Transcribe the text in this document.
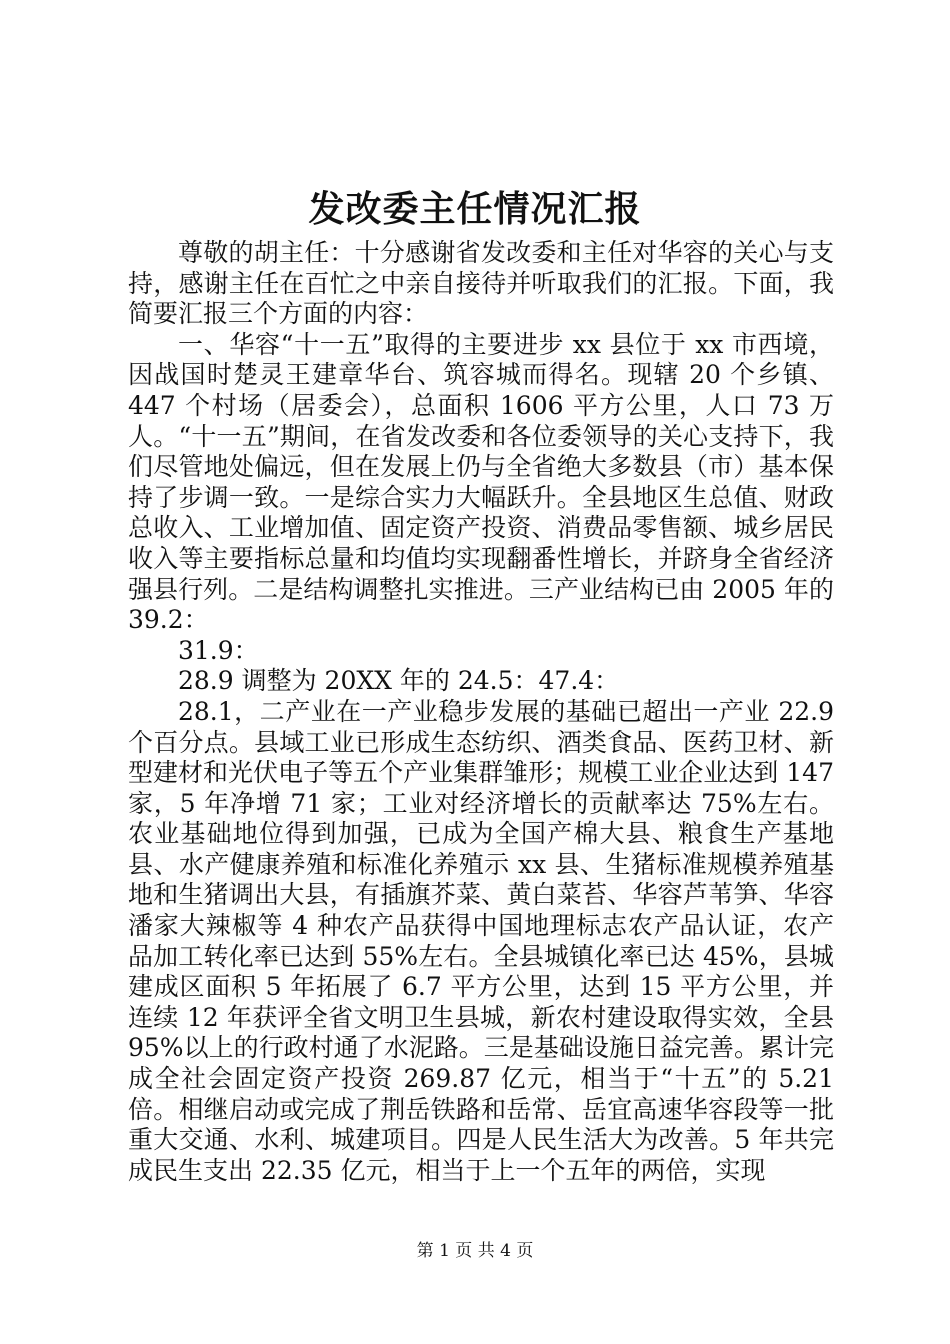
发改委主任情况汇报

尊敬的胡主任：十分感谢省发改委和主任对华容的关心与支持，感谢主任在百忙之中亲自接待并听取我们的汇报。下面，我简要汇报三个方面的内容：

一、华容“十一五”取得的主要进步 xx 县位于 xx 市西境，因战国时楚灵王建章华台、筑容城而得名。现辖 20 个乡镇、447 个村场（居委会），总面积 1606 平方公里，人口 73 万人。“十一五”期间，在省发改委和各位委领导的关心支持下，我们尽管地处偏远，但在发展上仍与全省绝大多数县（市）基本保持了步调一致。一是综合实力大幅跃升。全县地区生总值、财政总收入、工业增加值、固定资产投资、消费品零售额、城乡居民收入等主要指标总量和均值均实现翻番性增长，并跻身全省经济强县行列。二是结构调整扎实推进。三产业结构已由 2005 年的 39.2：

31.9：

28.9 调整为 20XX 年的 24.5：47.4：

28.1，二产业在一产业稳步发展的基础已超出一产业 22.9 个百分点。县域工业已形成生态纺织、酒类食品、医药卫材、新型建材和光伏电子等五个产业集群雏形；规模工业企业达到 147 家，5 年净增 71 家；工业对经济增长的贡献率达 75%左右。农业基础地位得到加强，已成为全国产棉大县、粮食生产基地县、水产健康养殖和标准化养殖示 xx 县、生猪标准规模养殖基地和生猪调出大县，有插旗芥菜、黄白菜苔、华容芦苇笋、华容潘家大辣椒等 4 种农产品获得中国地理标志农产品认证，农产品加工转化率已达到 55%左右。全县城镇化率已达 45%，县城建成区面积 5 年拓展了 6.7 平方公里，达到 15 平方公里，并连续 12 年获评全省文明卫生县城，新农村建设取得实效，全县 95%以上的行政村通了水泥路。三是基础设施日益完善。累计完成全社会固定资产投资 269.87 亿元，相当于“十五”的 5.21 倍。相继启动或完成了荆岳铁路和岳常、岳宜高速华容段等一批重大交通、水利、城建项目。四是人民生活大为改善。5 年共完成民生支出 22.35 亿元，相当于上一个五年的两倍，实现

第 1 页 共 4 页
